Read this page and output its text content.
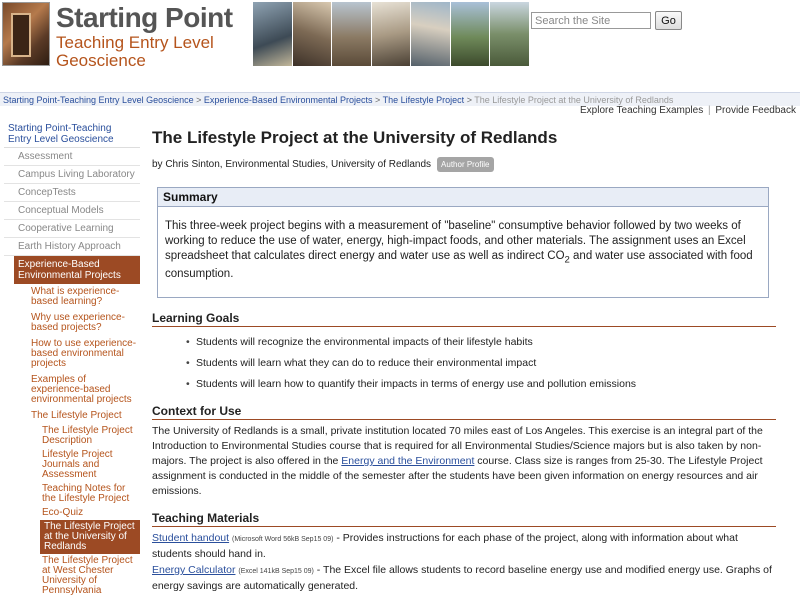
Starting Point
Teaching Entry Level
Geoscience
Search the Site
Go
Starting Point-Teaching Entry Level Geoscience > Experience-Based Environmental Projects > The Lifestyle Project > The Lifestyle Project at the University of Redlands
Explore Teaching Examples | Provide Feedback
Starting Point-Teaching Entry Level Geoscience
Assessment
Campus Living Laboratory
ConcepTests
Conceptual Models
Cooperative Learning
Earth History Approach
Experience-Based Environmental Projects
What is experience-based learning?
Why use experience-based projects?
How to use experience-based environmental projects
Examples of experience-based environmental projects
The Lifestyle Project
The Lifestyle Project Description
Lifestyle Project Journals and Assessment
Teaching Notes for the Lifestyle Project
Eco-Quiz
The Lifestyle Project at the University of Redlands
The Lifestyle Project at West Chester University of Pennsylvania
The Lifestyle Project at the University of Redlands
by Chris Sinton, Environmental Studies, University of Redlands	Author Profile
Summary
This three-week project begins with a measurement of "baseline" consumptive behavior followed by two weeks of working to reduce the use of water, energy, high-impact foods, and other materials. The assignment uses an Excel spreadsheet that calculates direct energy and water use as well as indirect $CO_2$ and water use associated with food consumption.
Learning Goals
• Students will recognize the environmental impacts of their lifestyle habits
• Students will learn what they can do to reduce their environmental impact
• Students will learn how to quantify their impacts in terms of energy use and pollution emissions
Context for Use

The University of Redlands is a small, private institution located 70 miles east of Los Angeles. This exercise is an integral part of the Introduction to Environmental Studies course that is required for all Environmental Studies/Science majors but is also taken by non-majors. The project is also offered in the Energy and the Environment course. Class size is ranges from 25-30. The Lifestyle Project assignment is conducted in the middle of the semester after the students have been given information on energy resources and air emissions.

Teaching Materials

Student handout (Microsoft Word 56kB Sep15 09) - Provides instructions for each phase of the project, along with information about what students should hand in.

Energy Calculator (Excel 141kB Sep15 09) - The Excel file allows students to record baseline energy use and modified energy use. Graphs of energy savings are automatically generated.
